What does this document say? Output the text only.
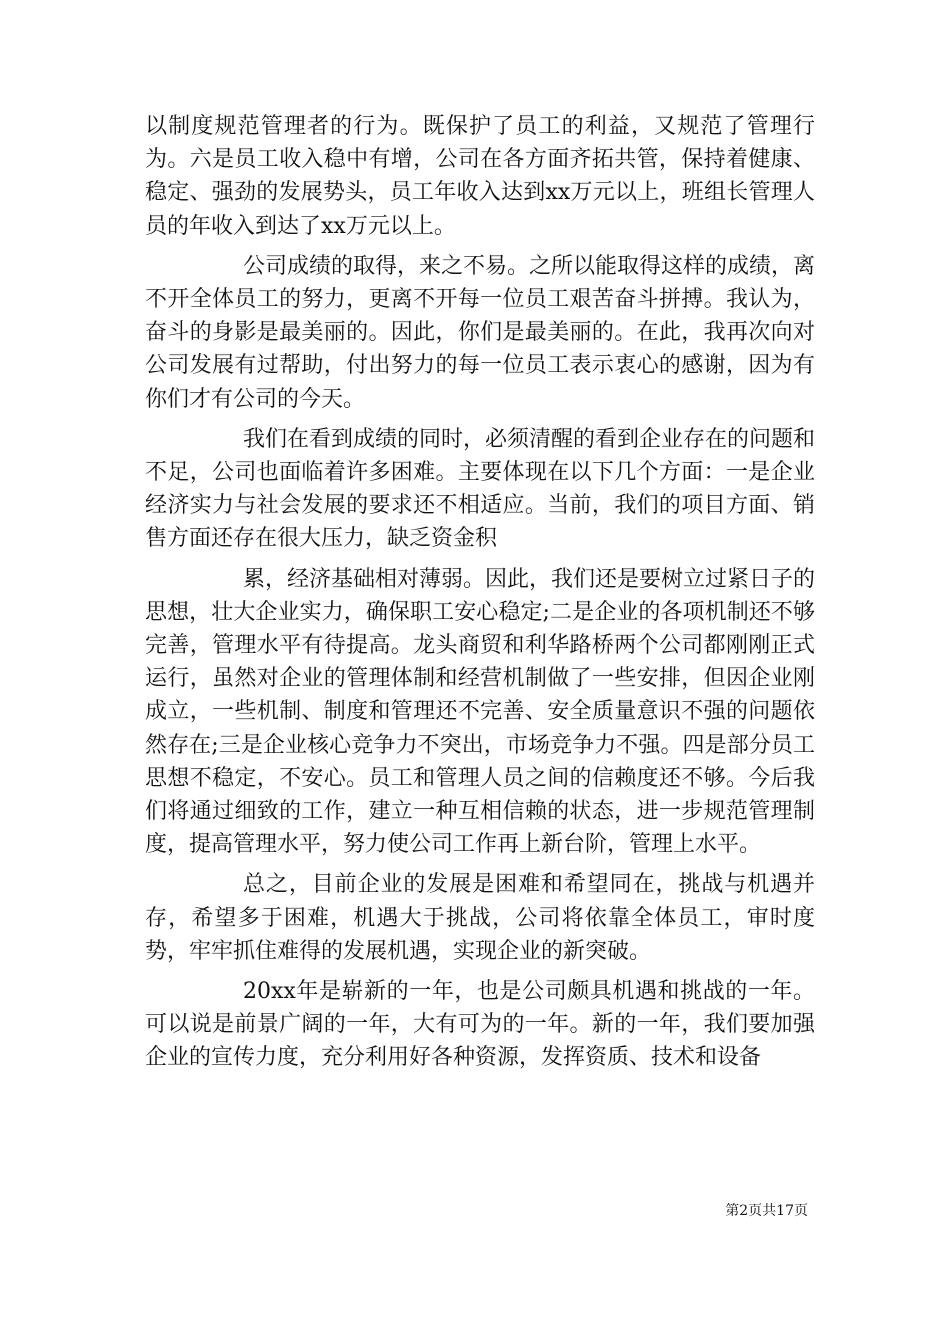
以制度规范管理者的行为。既保护了员工的利益，又规范了管理行为。六是员工收入稳中有增，公司在各方面齐拓共管，保持着健康、稳定、强劲的发展势头，员工年收入达到xx万元以上，班组长管理人员的年收入到达了xx万元以上。

公司成绩的取得，来之不易。之所以能取得这样的成绩，离不开全体员工的努力，更离不开每一位员工艰苦奋斗拼搏。我认为，奋斗的身影是最美丽的。因此，你们是最美丽的。在此，我再次向对公司发展有过帮助，付出努力的每一位员工表示衷心的感谢，因为有你们才有公司的今天。

我们在看到成绩的同时，必须清醒的看到企业存在的问题和不足，公司也面临着许多困难。主要体现在以下几个方面：一是企业经济实力与社会发展的要求还不相适应。当前，我们的项目方面、销售方面还存在很大压力，缺乏资金积

累，经济基础相对薄弱。因此，我们还是要树立过紧日子的思想，壮大企业实力，确保职工安心稳定;二是企业的各项机制还不够完善，管理水平有待提高。龙头商贸和利华路桥两个公司都刚刚正式运行，虽然对企业的管理体制和经营机制做了一些安排，但因企业刚成立，一些机制、制度和管理还不完善、安全质量意识不强的问题依然存在;三是企业核心竞争力不突出，市场竞争力不强。四是部分员工思想不稳定，不安心。员工和管理人员之间的信赖度还不够。今后我们将通过细致的工作，建立一种互相信赖的状态，进一步规范管理制度，提高管理水平，努力使公司工作再上新台阶，管理上水平。

总之，目前企业的发展是困难和希望同在，挑战与机遇并存，希望多于困难，机遇大于挑战，公司将依靠全体员工，审时度势，牢牢抓住难得的发展机遇，实现企业的新突破。

20xx年是崭新的一年，也是公司颇具机遇和挑战的一年。可以说是前景广阔的一年，大有可为的一年。新的一年，我们要加强企业的宣传力度，充分利用好各种资源，发挥资质、技术和设备

第2页共17页
